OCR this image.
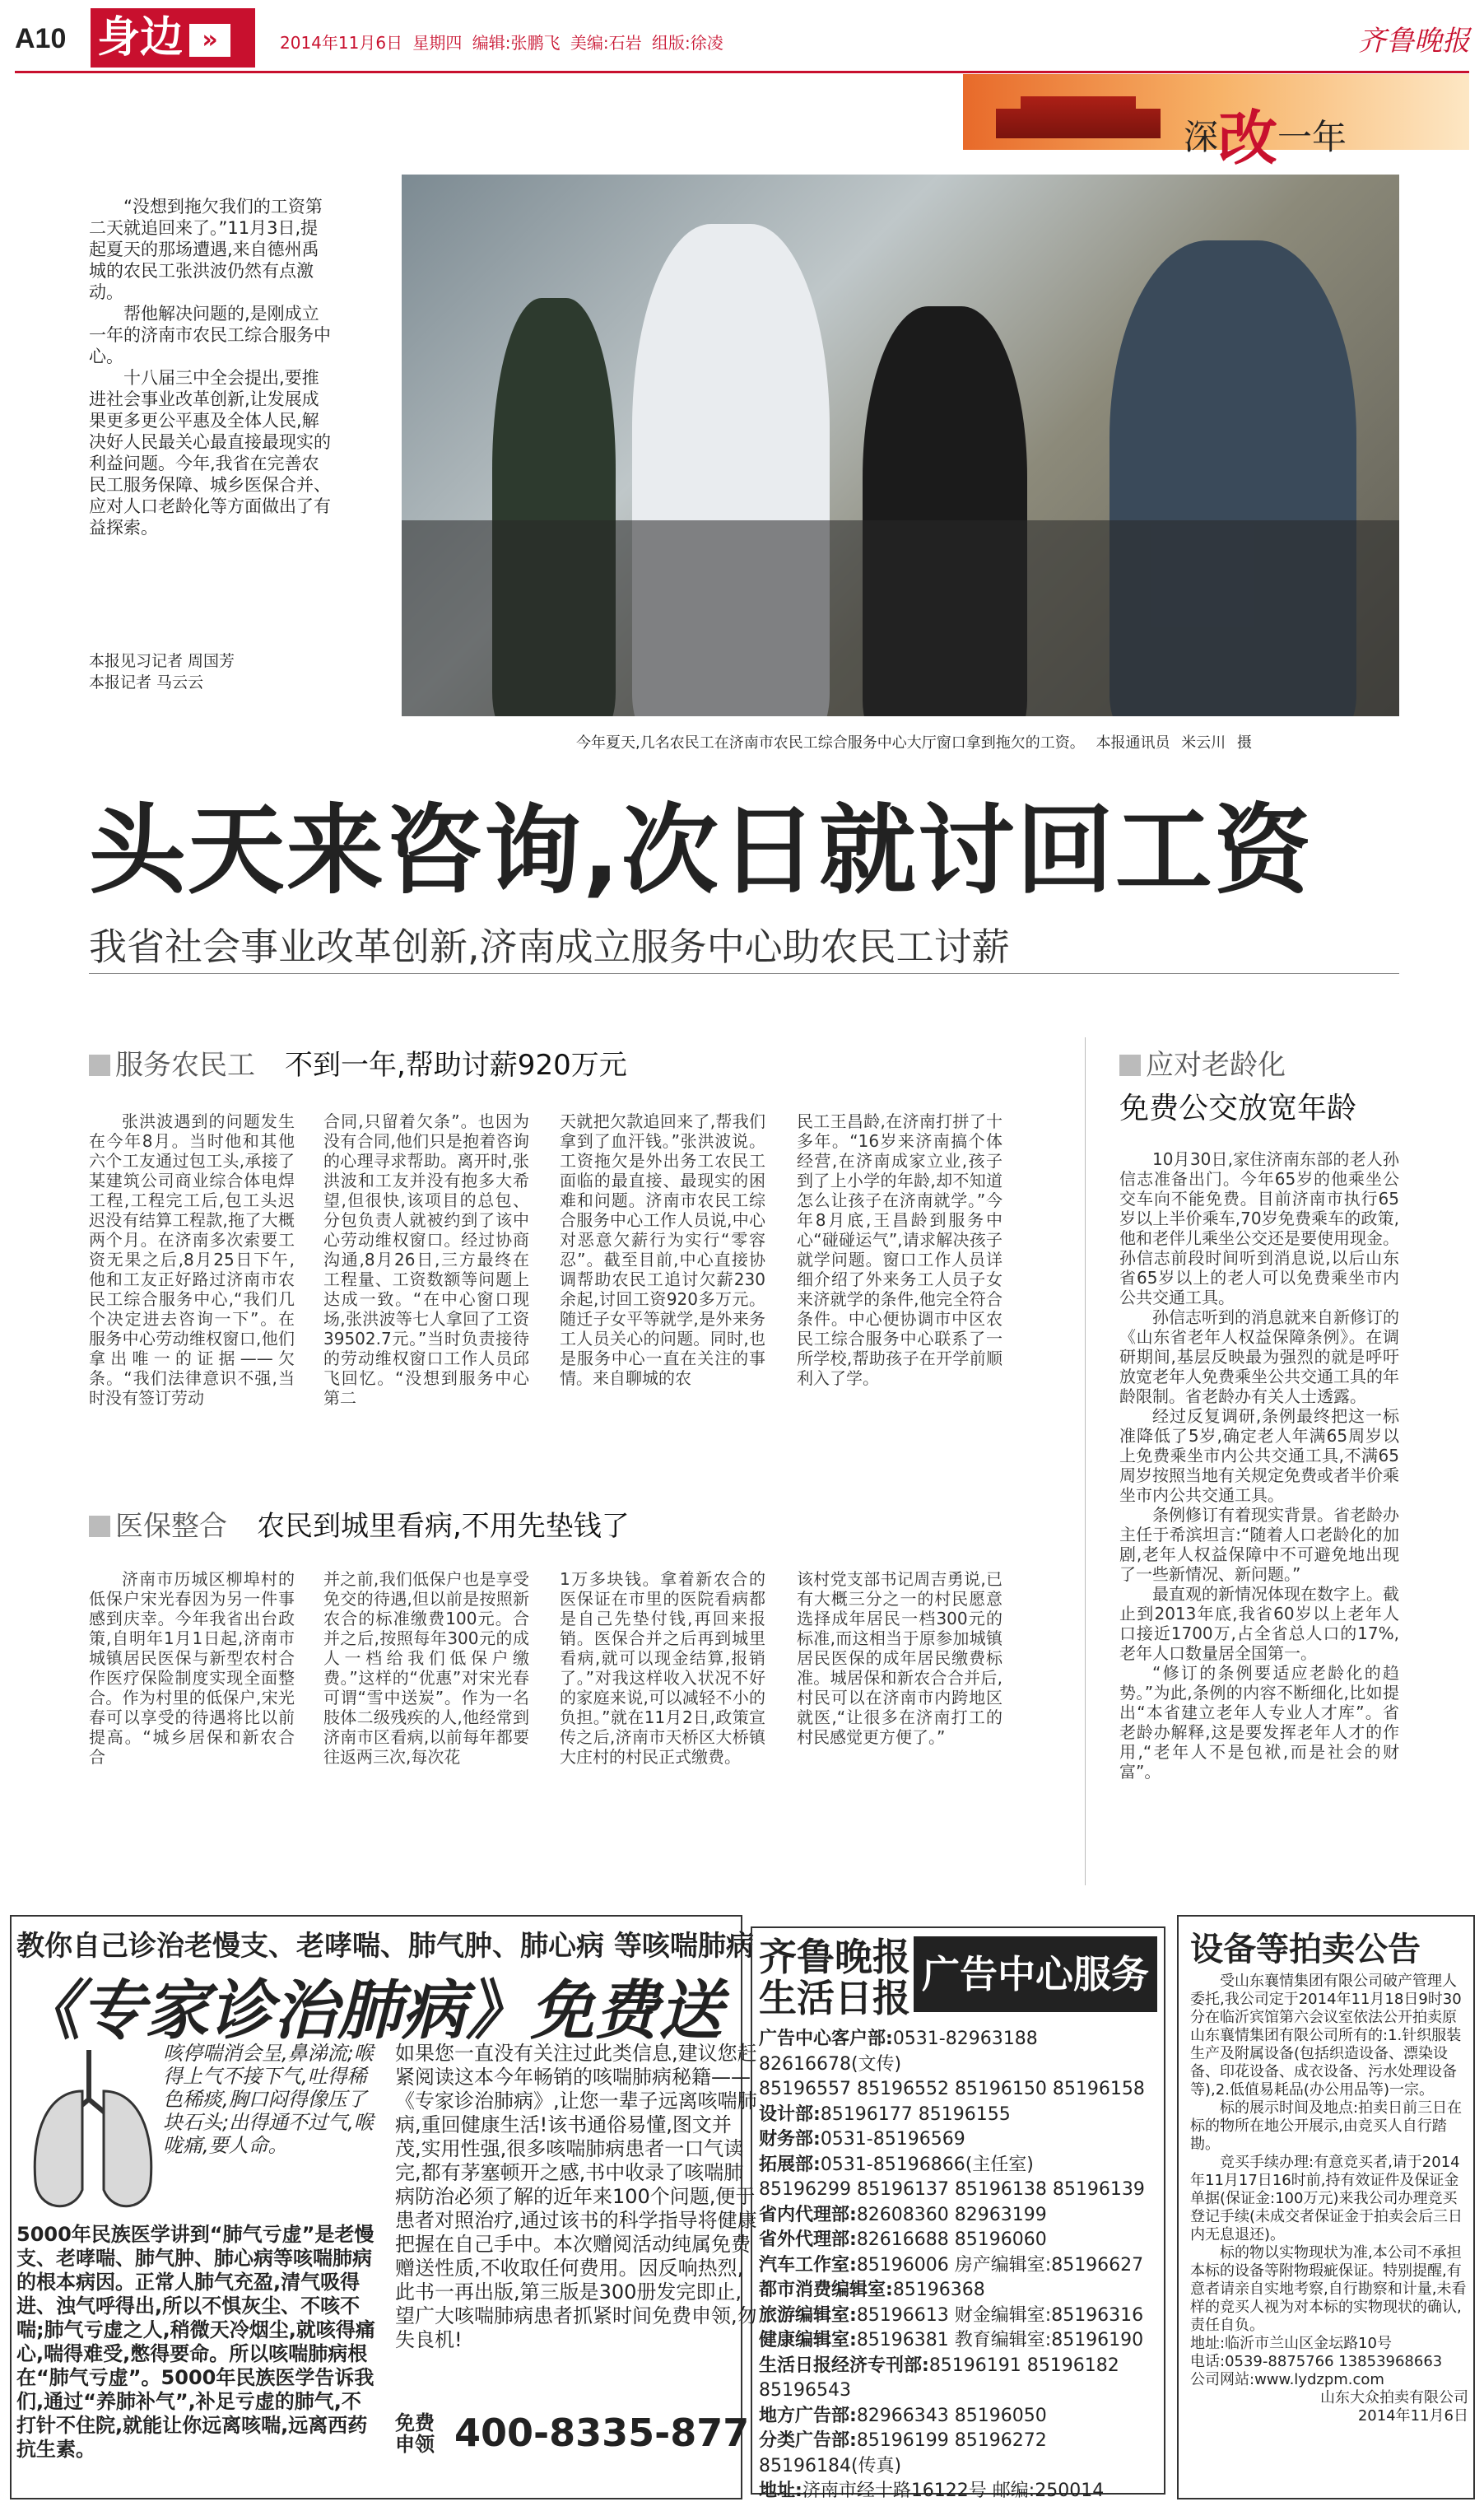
A10 身边 »	2014年11月6日 星期四 编辑:张鹏飞 美编:石岩 组版:徐凌	齐鲁晚报
深改一年

“没想到拖欠我们的工资第二天就追回来了。”11月3日,提起夏天的那场遭遇,来自德州禹城的农民工张洪波仍然有点激动。

帮他解决问题的,是刚成立一年的济南市农民工综合服务中心。

十八届三中全会提出,要推进社会事业改革创新,让发展成果更多更公平惠及全体人民,解决好人民最关心最直接最现实的利益问题。今年,我省在完善农民工服务保障、城乡医保合并、应对人口老龄化等方面做出了有益探索。

本报见习记者 周国芳
本报记者 马云云
今年夏天,几名农民工在济南市农民工综合服务中心大厅窗口拿到拖欠的工资。 本报通讯员 米云川 摄
头天来咨询,次日就讨回工资
我省社会事业改革创新,济南成立服务中心助农民工讨薪
服务农民工 不到一年,帮助讨薪920万元

张洪波遇到的问题发生在今年8月。当时他和其他六个工友通过包工头,承接了某建筑公司商业综合体电焊工程,工程完工后,包工头迟迟没有结算工程款,拖了大概两个月。在济南多次索要工资无果之后,8月25日下午,他和工友正好路过济南市农民工综合服务中心,“我们几个决定进去咨询一下”。在服务中心劳动维权窗口,他们拿出唯一的证据——欠条。“我们法律意识不强,当时没有签订劳动

合同,只留着欠条”。也因为没有合同,他们只是抱着咨询的心理寻求帮助。离开时,张洪波和工友并没有抱多大希望,但很快,该项目的总包、分包负责人就被约到了该中心劳动维权窗口。经过协商沟通,8月26日,三方最终在工程量、工资数额等问题上达成一致。“在中心窗口现场,张洪波等七人拿回了工资39502.7元。”当时负责接待的劳动维权窗口工作人员邱飞回忆。“没想到服务中心第二

天就把欠款追回来了,帮我们拿到了血汗钱。”张洪波说。工资拖欠是外出务工农民工面临的最直接、最现实的困难和问题。济南市农民工综合服务中心工作人员说,中心对恶意欠薪行为实行“零容忍”。截至目前,中心直接协调帮助农民工追讨欠薪230余起,讨回工资920多万元。随迁子女平等就学,是外来务工人员关心的问题。同时,也是服务中心一直在关注的事情。来自聊城的农

民工王昌龄,在济南打拼了十多年。“16岁来济南搞个体经营,在济南成家立业,孩子到了上小学的年龄,却不知道怎么让孩子在济南就学。”今年8月底,王昌龄到服务中心“碰碰运气”,请求解决孩子就学问题。窗口工作人员详细介绍了外来务工人员子女来济就学的条件,他完全符合条件。中心便协调市中区农民工综合服务中心联系了一所学校,帮助孩子在开学前顺利入了学。

医保整合 农民到城里看病,不用先垫钱了

济南市历城区柳埠村的低保户宋光春因为另一件事感到庆幸。今年我省出台政策,自明年1月1日起,济南市城镇居民医保与新型农村合作医疗保险制度实现全面整合。作为村里的低保户,宋光春可以享受的待遇将比以前提高。“城乡居保和新农合合

并之前,我们低保户也是享受免交的待遇,但以前是按照新农合的标准缴费100元。合并之后,按照每年300元的成人一档给我们低保户缴费。”这样的“优惠”对宋光春可谓“雪中送炭”。作为一名肢体二级残疾的人,他经常到济南市区看病,以前每年都要往返两三次,每次花

1万多块钱。拿着新农合的医保证在市里的医院看病都是自己先垫付钱,再回来报销。医保合并之后再到城里看病,就可以现金结算,报销了。”对我这样收入状况不好的家庭来说,可以减轻不小的负担。”就在11月2日,政策宣传之后,济南市天桥区大桥镇大庄村的村民正式缴费。

该村党支部书记周吉勇说,已有大概三分之一的村民愿意选择成年居民一档300元的标准,而这相当于原参加城镇居民医保的成年居民缴费标准。城居保和新农合合并后,村民可以在济南市内跨地区就医,“让很多在济南打工的村民感觉更方便了。”

应对老龄化
免费公交放宽年龄

10月30日,家住济南东部的老人孙信志准备出门。今年65岁的他乘坐公交车向不能免费。目前济南市执行65岁以上半价乘车,70岁免费乘车的政策,他和老伴儿乘坐公交还是要使用现金。孙信志前段时间听到消息说,以后山东省65岁以上的老人可以免费乘坐市内公共交通工具。

孙信志听到的消息就来自新修订的《山东省老年人权益保障条例》。在调研期间,基层反映最为强烈的就是呼吁放宽老年人免费乘坐公共交通工具的年龄限制。省老龄办有关人士透露。

经过反复调研,条例最终把这一标准降低了5岁,确定老人年满65周岁以上免费乘坐市内公共交通工具,不满65周岁按照当地有关规定免费或者半价乘坐市内公共交通工具。

条例修订有着现实背景。省老龄办主任于希滨坦言:“随着人口老龄化的加剧,老年人权益保障中不可避免地出现了一些新情况、新问题。”

最直观的新情况体现在数字上。截止到2013年底,我省60岁以上老年人口接近1700万,占全省总人口的17%,老年人口数量居全国第一。

“修订的条例要适应老龄化的趋势。”为此,条例的内容不断细化,比如提出“本省建立老年人专业人才库”。省老龄办解释,这是要发挥老年人才的作用,“老年人不是包袱,而是社会的财富”。

教你自己诊治老慢支、老哮喘、肺气肿、肺心病 等咳喘肺病
《专家诊治肺病》免费送
咳停喘消会呈,鼻涕流;喉得上气不接下气,吐得稀色稀痰,胸口闷得像压了块石头;出得通不过气,喉咙痛,要人命。
5000年民族医学讲到“肺气亏虚”是老慢支、老哮喘、肺气肿、肺心病等咳喘肺病的根本病因。正常人肺气充盈,清气吸得进、浊气呼得出,所以不惧灰尘、不咳不喘;肺气亏虚之人,稍微天冷烟尘,就咳得痛心,喘得难受,憋得要命。所以咳喘肺病根在“肺气亏虚”。5000年民族医学告诉我们,通过“养肺补气”,补足亏虚的肺气,不打针不住院,就能让你远离咳喘,远离西药抗生素。
如果您一直没有关注过此类信息,建议您赶紧阅读这本今年畅销的咳喘肺病秘籍——《专家诊治肺病》,让您一辈子远离咳喘肺病,重回健康生活!该书通俗易懂,图文并茂,实用性强,很多咳喘肺病患者一口气读完,都有茅塞顿开之感,书中收录了咳喘肺病防治必须了解的近年来100个问题,便于患者对照治疗,通过该书的科学指导将健康把握在自己手中。本次赠阅活动纯属免费赠送性质,不收取任何费用。因反响热烈,此书一再出版,第三版是300册发完即止,望广大咳喘肺病患者抓紧时间免费申领,勿失良机!
免费申领 400-8335-877
齐鲁晚报 生活日报
广告中心服务电话
广告中心客户部:0531-82963188 82616678(文传)
85196557 85196552 85196150 85196158
设计部:85196177 85196155
财务部:0531-85196569
拓展部:0531-85196866(主任室)
85196299 85196137 85196138 85196139
省内代理部:82608360 82963199
省外代理部:82616688 85196060
汽车工作室:85196006 房产编辑室:85196627
都市消费编辑室:85196368
旅游编辑室:85196613 财金编辑室:85196316
健康编辑室:85196381 教育编辑室:85196190
生活日报经济专刊部:85196191 85196182 85196543
地方广告部:82966343 85196050
分类广告部:85196199 85196272 85196184(传真)
地址:济南市经十路16122号 邮编:250014
设备等拍卖公告

受山东襄情集团有限公司破产管理人委托,我公司定于2014年11月18日9时30分在临沂宾馆第六会议室依法公开拍卖原山东襄情集团有限公司所有的:1.针织服装生产及附属设备(包括织造设备、漂染设备、印花设备、成衣设备、污水处理设备等),2.低值易耗品(办公用品等)一宗。

标的展示时间及地点:拍卖日前三日在标的物所在地公开展示,由竞买人自行踏勘。

竞买手续办理:有意竞买者,请于2014年11月17日16时前,持有效证件及保证金单据(保证金:100万元)来我公司办理竞买登记手续(未成交者保证金于拍卖会后三日内无息退还)。

标的物以实物现状为准,本公司不承担本标的设备等附物瑕疵保证。特别提醒,有意者请亲自实地考察,自行勘察和计量,未看样的竞买人视为对本标的实物现状的确认,责任自负。

地址:临沂市兰山区金坛路10号

电话:0539-8875766 13853968663

公司网站:www.lydzpm.com

山东大众拍卖有限公司

2014年11月6日
